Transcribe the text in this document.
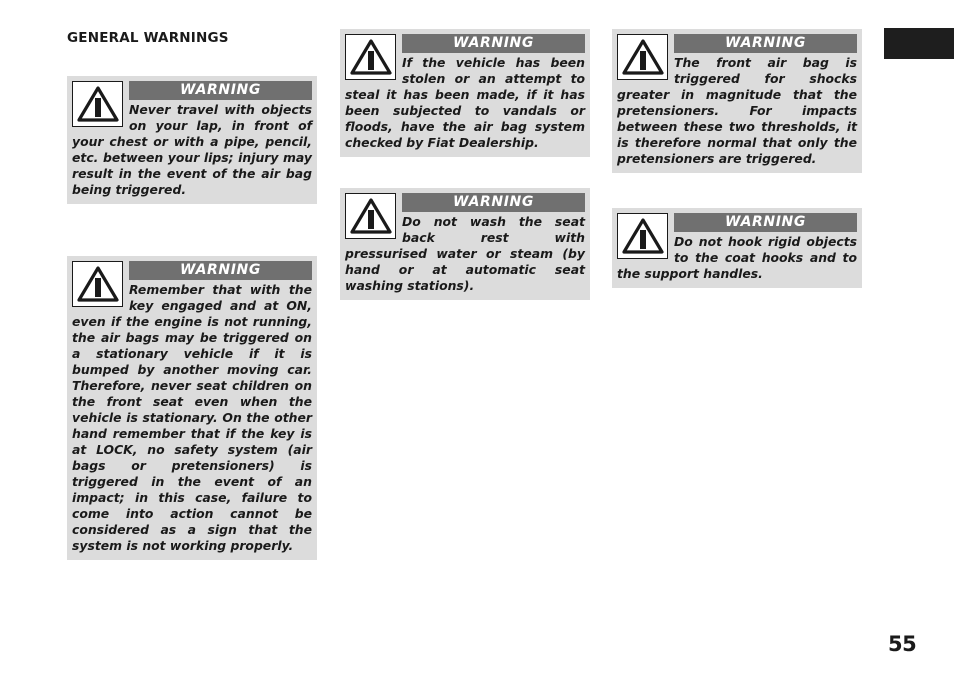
GENERAL WARNINGS
WARNING
Never travel with objects on your lap, in front of your chest or with a pipe, pencil, etc. between your lips; injury may result in the event of the air bag being triggered.
WARNING
Remember that with the key engaged and at ON, even if the engine is not running, the air bags may be triggered on a stationary vehicle if it is bumped by another moving car. Therefore, never seat children on the front seat even when the vehicle is stationary. On the other hand remember that if the key is at LOCK, no safety system (air bags or pretensioners) is triggered in the event of an impact; in this case, failure to come into action cannot be considered as a sign that the system is not working properly.
WARNING
If the vehicle has been stolen or an attempt to steal it has been made, if it has been subjected to vandals or floods, have the air bag system checked by Fiat Dealership.
WARNING
Do not wash the seat back rest with pressurised water or steam (by hand or at automatic seat washing stations).
WARNING
The front air bag is triggered for shocks greater in magnitude that the pretensioners. For impacts between these two thresholds, it is therefore normal that only the pretensioners are triggered.
WARNING
Do not hook rigid objects to the coat hooks and to the support handles.
55
